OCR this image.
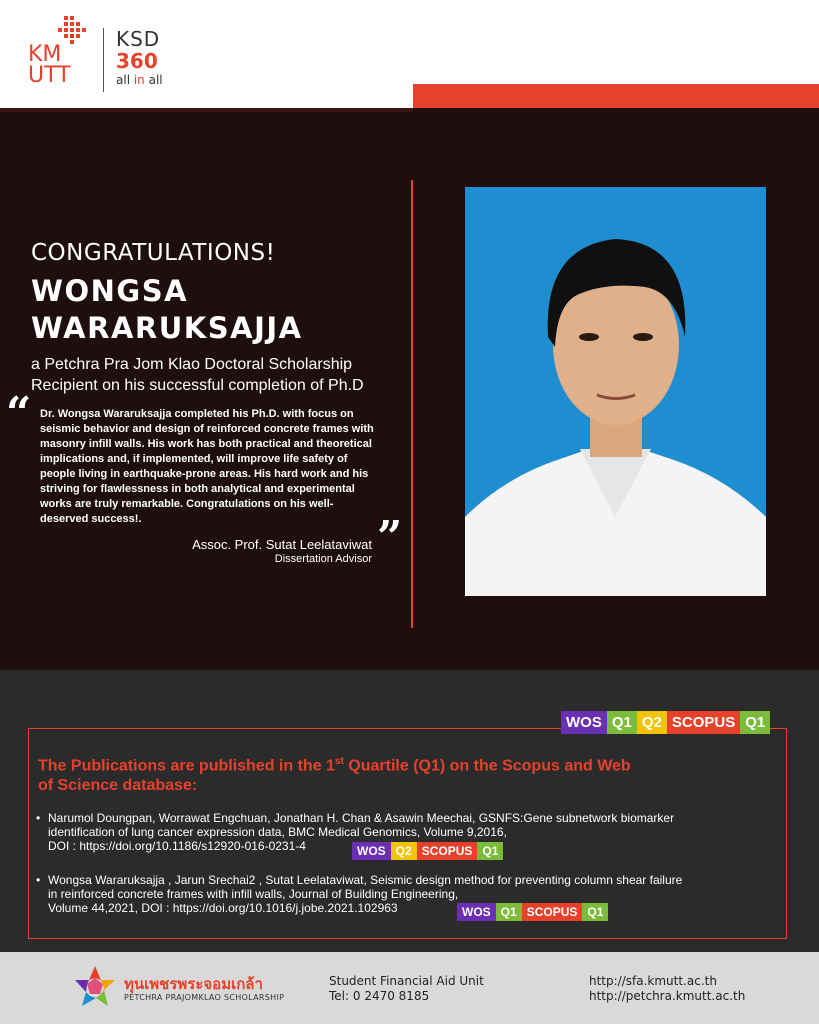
KM
UTT
KSD
360
all in all
CONGRATULATIONS!
WONGSA
WARARUKSAJJA
a Petchra Pra Jom Klao Doctoral Scholarship Recipient on his successful completion of Ph.D
“ Dr. Wongsa Wararuksajja completed his Ph.D. with focus on seismic behavior and design of reinforced concrete frames with masonry infill walls. His work has both practical and theoretical implications and, if implemented, will improve life safety of people living in earthquake-prone areas. His hard work and his striving for flawlessness in both analytical and experimental works are truly remarkable. Congratulations on his well-deserved success!.	”
Assoc. Prof. Sutat Leelataviwat
Dissertation Advisor
WOS Q1 Q2 SCOPUS Q1
The Publications are published in the 1st Quartile (Q1) on the Scopus and Web of Science database:
• Narumol Doungpan, Worrawat Engchuan, Jonathan H. Chan & Asawin Meechai, GSNFS:Gene subnetwork biomarker
identification of lung cancer expression data, BMC Medical Genomics, Volume 9,2016,
DOI : https://doi.org/10.1186/s12920-016-0231-4	WOS Q2 SCOPUS Q1
• Wongsa Wararuksajja , Jarun Srechai2 , Sutat Leelataviwat, Seismic design method for preventing column shear failure
in reinforced concrete frames with infill walls, Journal of Building Engineering,
Volume 44,2021, DOI : https://doi.org/10.1016/j.jobe.2021.102963	WOS Q1 SCOPUS Q1
ทุนเพชรพระจอมเกล้า
PETCHRA PRAJOMKLAO SCHOLARSHIP
Student Financial Aid Unit
Tel: 0 2470 8185
http://sfa.kmutt.ac.th
http://petchra.kmutt.ac.th
